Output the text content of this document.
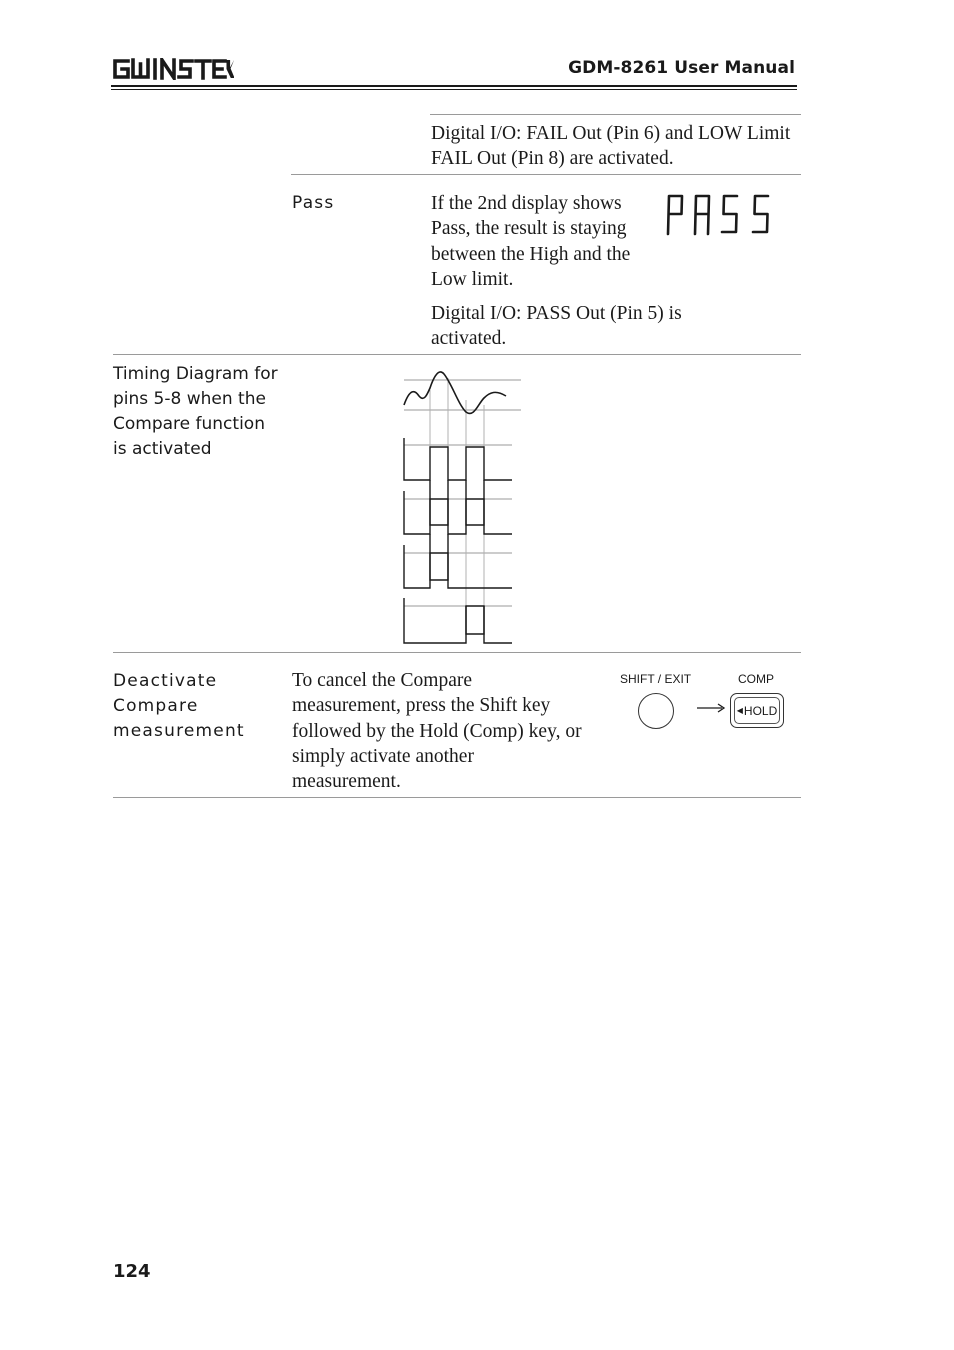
GDM-8261 User Manual
Digital I/O: FAIL Out (Pin 6) and LOW Limit FAIL Out (Pin 8) are activated.
Pass	If the 2nd display shows
Pass, the result is staying
between the High and the
Low limit.
Digital I/O: PASS Out (Pin 5) is activated.
Timing Diagram for
pins 5-8 when the
Compare function
is activated
Deactivate
Compare
measurement
To cancel the Compare
measurement, press the Shift key
followed by the Hold (Comp) key, or
simply activate another
measurement.
SHIFT / EXIT	COMP
◀ HOLD
124
